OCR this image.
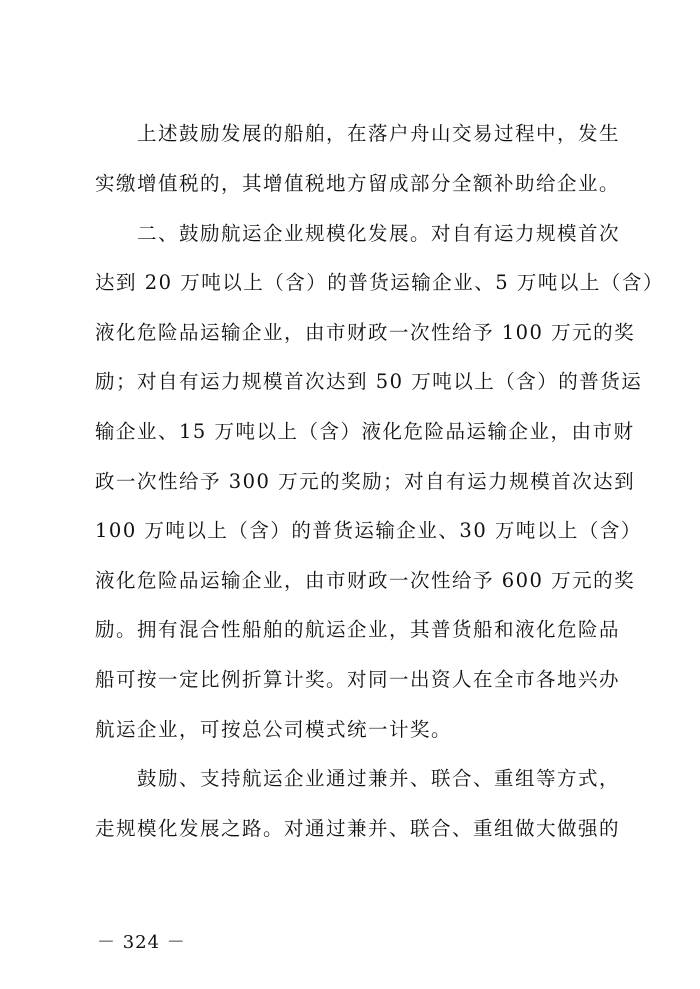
上述鼓励发展的船舶，在落户舟山交易过程中，发生
实缴增值税的，其增值税地方留成部分全额补助给企业。
二、鼓励航运企业规模化发展。对自有运力规模首次
达到 20 万吨以上（含）的普货运输企业、5 万吨以上（含）
液化危险品运输企业，由市财政一次性给予 100 万元的奖
励；对自有运力规模首次达到 50 万吨以上（含）的普货运
输企业、15 万吨以上（含）液化危险品运输企业，由市财
政一次性给予 300 万元的奖励；对自有运力规模首次达到
100 万吨以上（含）的普货运输企业、30 万吨以上（含）
液化危险品运输企业，由市财政一次性给予 600 万元的奖
励。拥有混合性船舶的航运企业，其普货船和液化危险品
船可按一定比例折算计奖。对同一出资人在全市各地兴办
航运企业，可按总公司模式统一计奖。
鼓励、支持航运企业通过兼并、联合、重组等方式，
走规模化发展之路。对通过兼并、联合、重组做大做强的
－ 324 －
